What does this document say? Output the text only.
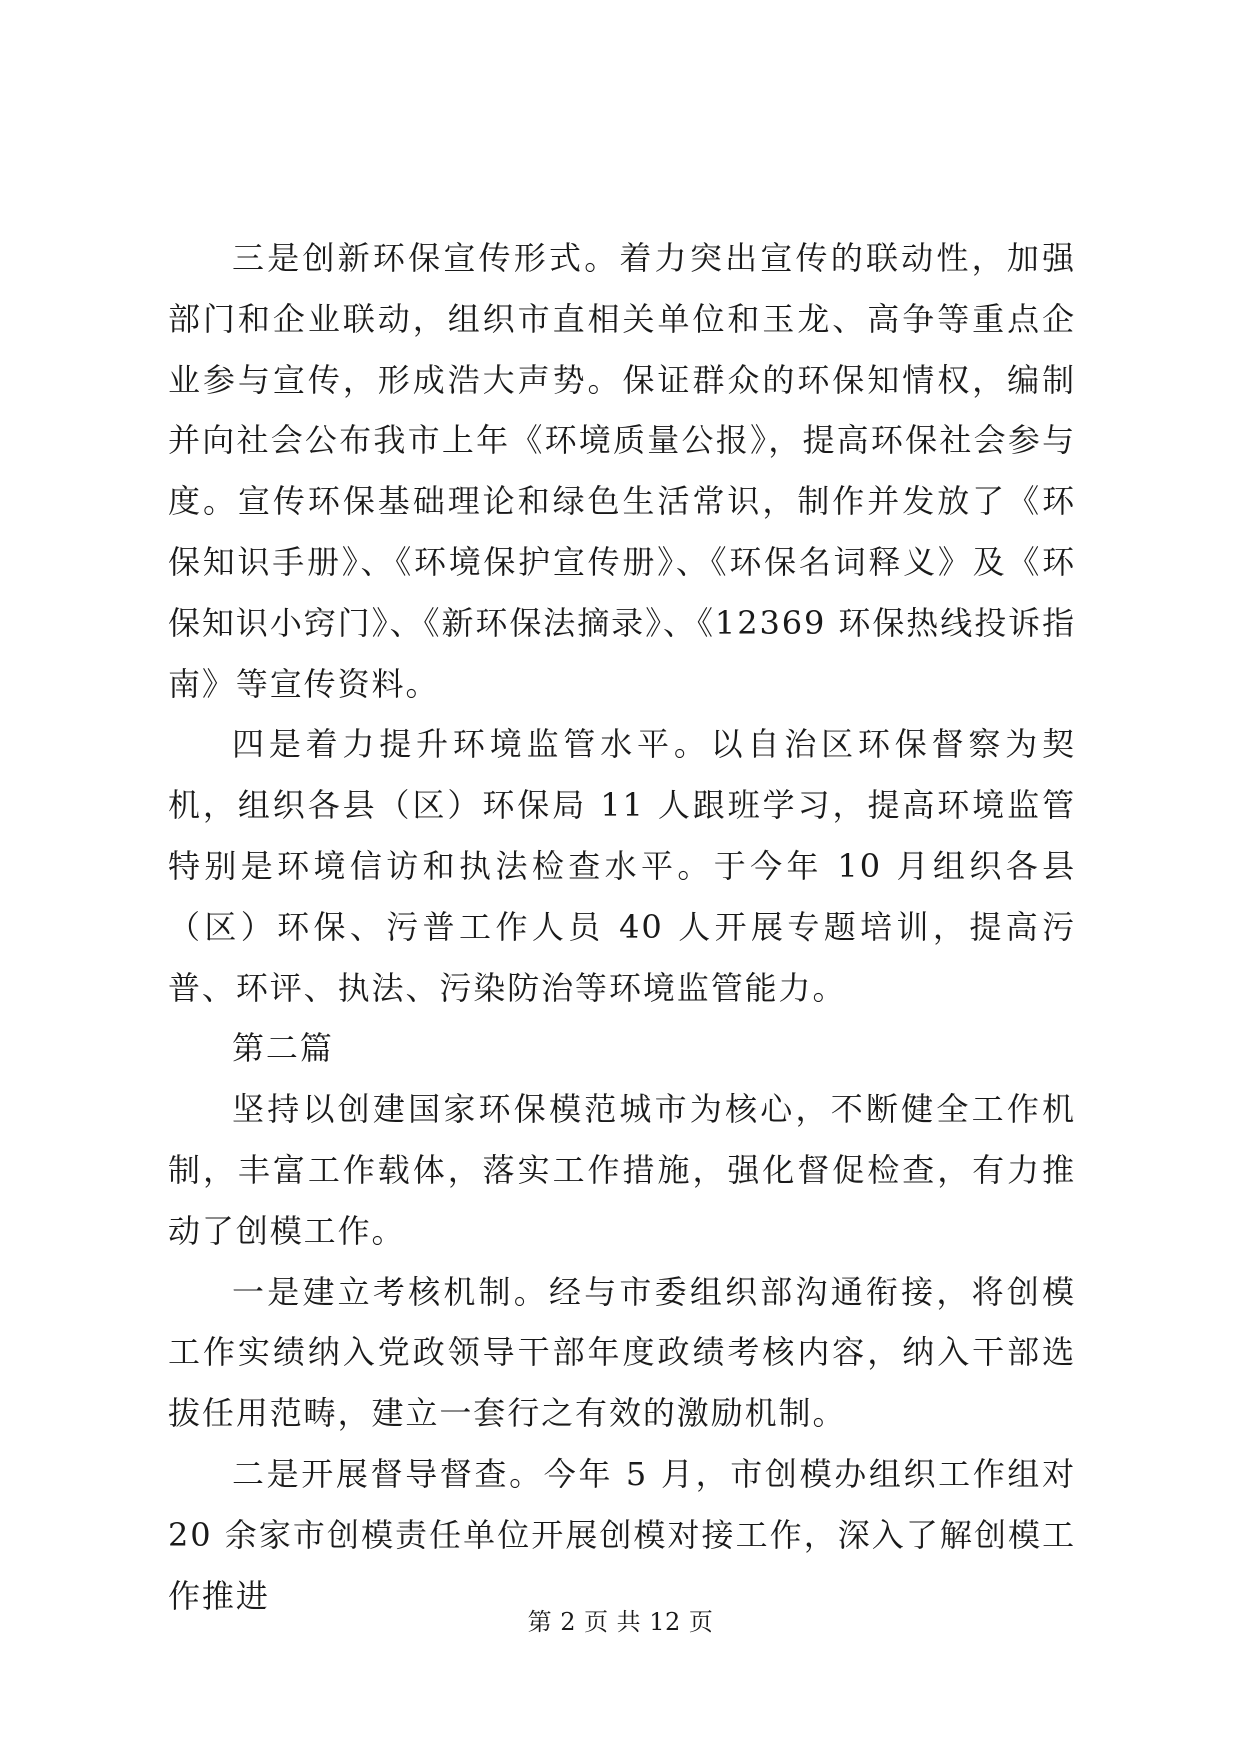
三是创新环保宣传形式。着力突出宣传的联动性，加强部门和企业联动，组织市直相关单位和玉龙、高争等重点企业参与宣传，形成浩大声势。保证群众的环保知情权，编制并向社会公布我市上年《环境质量公报》，提高环保社会参与度。宣传环保基础理论和绿色生活常识，制作并发放了《环保知识手册》、《环境保护宣传册》、《环保名词释义》及《环保知识小窍门》、《新环保法摘录》、《12369 环保热线投诉指南》等宣传资料。

四是着力提升环境监管水平。以自治区环保督察为契机，组织各县（区）环保局 11 人跟班学习，提高环境监管特别是环境信访和执法检查水平。于今年 10 月组织各县（区）环保、污普工作人员 40 人开展专题培训，提高污普、环评、执法、污染防治等环境监管能力。

第二篇

坚持以创建国家环保模范城市为核心，不断健全工作机制，丰富工作载体，落实工作措施，强化督促检查，有力推动了创模工作。

一是建立考核机制。经与市委组织部沟通衔接，将创模工作实绩纳入党政领导干部年度政绩考核内容，纳入干部选拔任用范畴，建立一套行之有效的激励机制。

二是开展督导督查。今年 5 月，市创模办组织工作组对 20 余家市创模责任单位开展创模对接工作，深入了解创模工作推进

第 2 页 共 12 页
